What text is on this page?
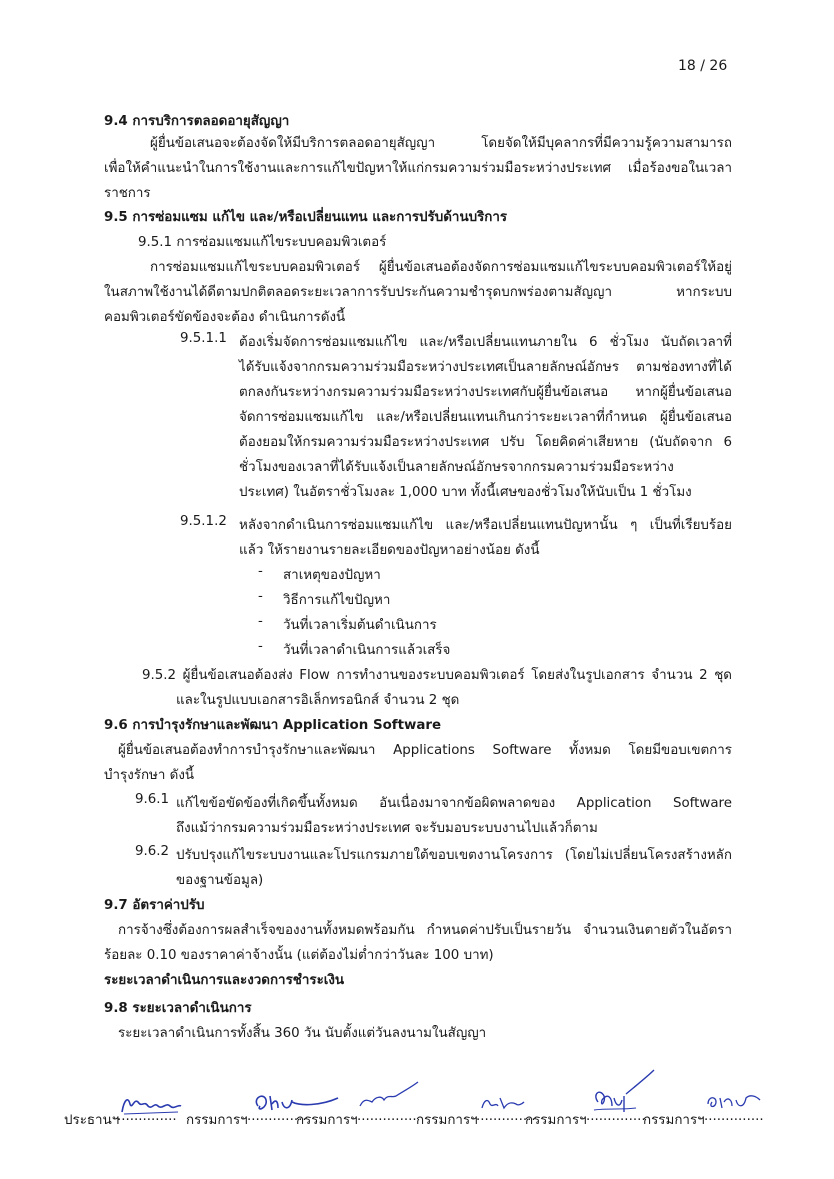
18 / 26
9.4 การบริการตลอดอายุสัญญา
ผู้ยื่นข้อเสนอจะต้องจัดให้มีบริการตลอดอายุสัญญา โดยจัดให้มีบุคลากรที่มีความรู้ความสามารถ
เพื่อให้คำแนะนำในการใช้งานและการแก้ไขปัญหาให้แก่กรมความร่วมมือระหว่างประเทศ เมื่อร้องขอในเวลา
ราชการ
9.5 การซ่อมแซม แก้ไข และ/หรือเปลี่ยนแทน และการปรับด้านบริการ
9.5.1 การซ่อมแซมแก้ไขระบบคอมพิวเตอร์
การซ่อมแซมแก้ไขระบบคอมพิวเตอร์ ผู้ยื่นข้อเสนอต้องจัดการซ่อมแซมแก้ไขระบบคอมพิวเตอร์ให้อยู่
ในสภาพใช้งานได้ดีตามปกติตลอดระยะเวลาการรับประกันความชำรุดบกพร่องตามสัญญา หากระบบ
คอมพิวเตอร์ขัดข้องจะต้อง ดำเนินการดังนี้
9.5.1.1 ต้องเริ่มจัดการซ่อมแซมแก้ไข และ/หรือเปลี่ยนแทนภายใน 6 ชั่วโมง นับถัดเวลาที่
ได้รับแจ้งจากกรมความร่วมมือระหว่างประเทศเป็นลายลักษณ์อักษร ตามช่องทางที่ได้
ตกลงกันระหว่างกรมความร่วมมือระหว่างประเทศกับผู้ยื่นข้อเสนอ หากผู้ยื่นข้อเสนอ
จัดการซ่อมแซมแก้ไข และ/หรือเปลี่ยนแทนเกินกว่าระยะเวลาที่กำหนด ผู้ยื่นข้อเสนอ
ต้องยอมให้กรมความร่วมมือระหว่างประเทศ ปรับ โดยคิดค่าเสียหาย (นับถัดจาก 6
ชั่วโมงของเวลาที่ได้รับแจ้งเป็นลายลักษณ์อักษรจากกรมความร่วมมือระหว่าง
ประเทศ) ในอัตราชั่วโมงละ 1,000 บาท ทั้งนี้เศษของชั่วโมงให้นับเป็น 1 ชั่วโมง
9.5.1.2 หลังจากดำเนินการซ่อมแซมแก้ไข และ/หรือเปลี่ยนแทนปัญหานั้น ๆ เป็นที่เรียบร้อย
แล้ว ให้รายงานรายละเอียดของปัญหาอย่างน้อย ดังนี้
- สาเหตุของปัญหา
- วิธีการแก้ไขปัญหา
- วันที่เวลาเริ่มต้นดำเนินการ
- วันที่เวลาดำเนินการแล้วเสร็จ
9.5.2 ผู้ยื่นข้อเสนอต้องส่ง Flow การทำงานของระบบคอมพิวเตอร์ โดยส่งในรูปเอกสาร จำนวน 2 ชุด
และในรูปแบบเอกสารอิเล็กทรอนิกส์ จำนวน 2 ชุด
9.6 การบำรุงรักษาและพัฒนา Application Software
ผู้ยื่นข้อเสนอต้องทำการบำรุงรักษาและพัฒนา Applications Software ทั้งหมด โดยมีขอบเขตการ
บำรุงรักษา ดังนี้
9.6.1 แก้ไขข้อขัดข้องที่เกิดขึ้นทั้งหมด อันเนื่องมาจากข้อผิดพลาดของ Application Software
ถึงแม้ว่ากรมความร่วมมือระหว่างประเทศ จะรับมอบระบบงานไปแล้วก็ตาม
9.6.2 ปรับปรุงแก้ไขระบบงานและโปรแกรมภายใต้ขอบเขตงานโครงการ (โดยไม่เปลี่ยนโครงสร้างหลัก
ของฐานข้อมูล)
9.7 อัตราค่าปรับ
การจ้างซึ่งต้องการผลสำเร็จของงานทั้งหมดพร้อมกัน กำหนดค่าปรับเป็นรายวัน จำนวนเงินตายตัวในอัตรา
ร้อยละ 0.10 ของราคาค่าจ้างนั้น (แต่ต้องไม่ต่ำกว่าวันละ 100 บาท)
ระยะเวลาดำเนินการและงวดการชำระเงิน
9.8 ระยะเวลาดำเนินการ
ระยะเวลาดำเนินการทั้งสิ้น 360 วัน นับตั้งแต่วันลงนามในสัญญา
ประธานฯ
.............. กรรมการฯ ..............
กรรมการฯ .............. กรรมการฯ
..............
กรรมการฯ ..............
กรรมการฯ ..............
